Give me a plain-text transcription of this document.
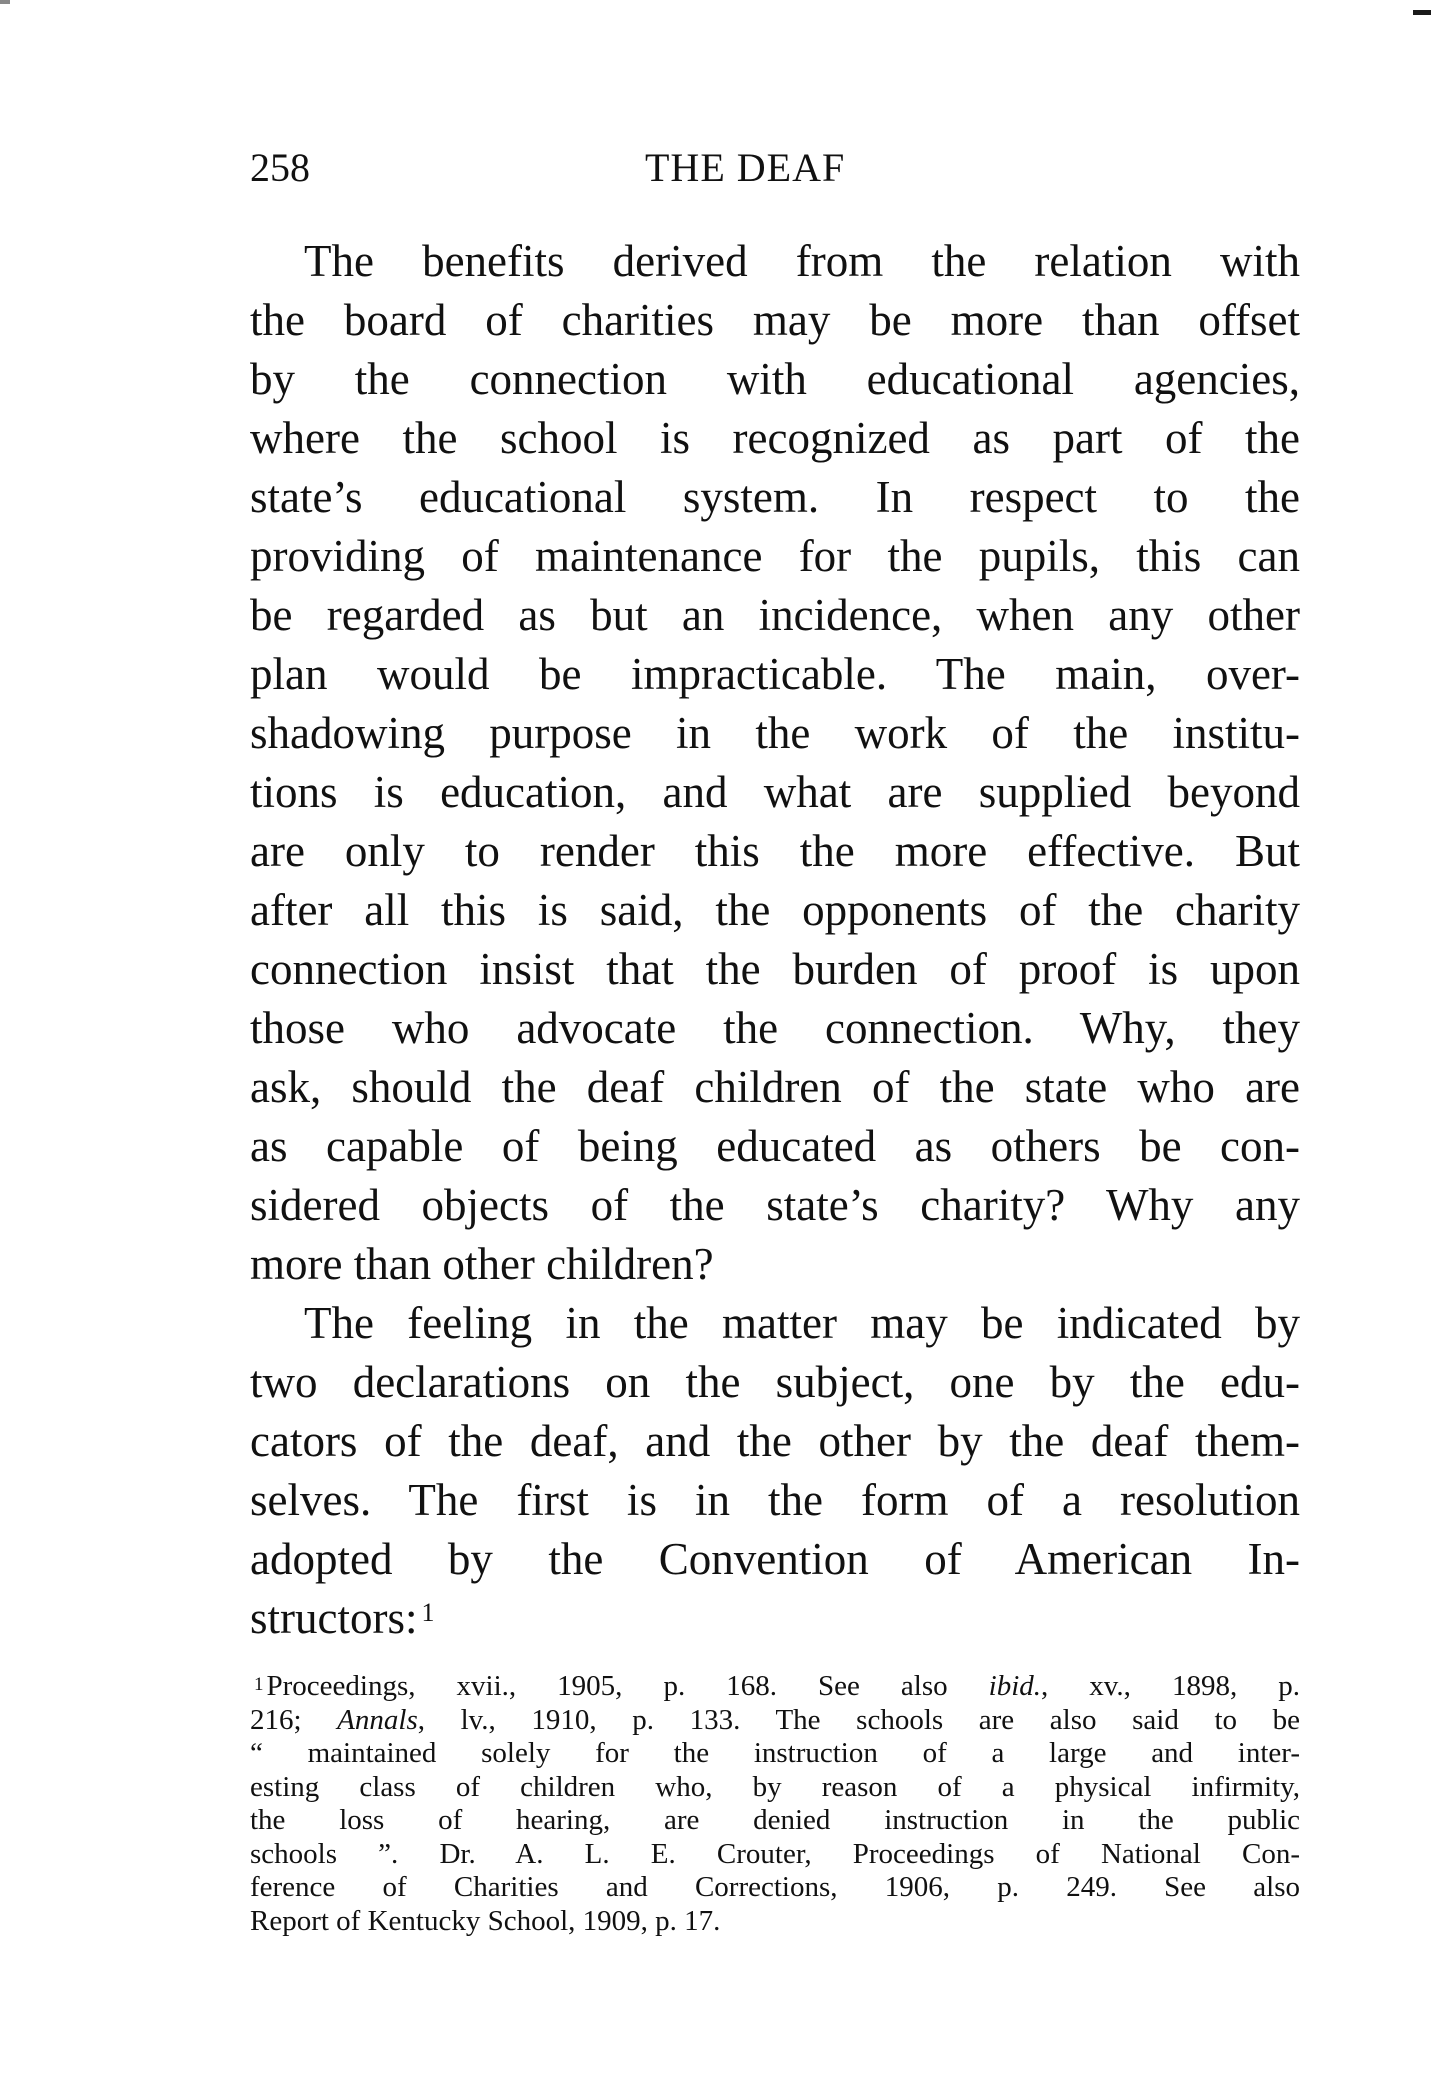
258	THE DEAF
The benefits derived from the relation with
the board of charities may be more than offset
by the connection with educational agencies,
where the school is recognized as part of the
state’s educational system. In respect to the
providing of maintenance for the pupils, this can
be regarded as but an incidence, when any other
plan would be impracticable. The main, over-
shadowing purpose in the work of the institu-
tions is education, and what are supplied beyond
are only to render this the more effective. But
after all this is said, the opponents of the charity
connection insist that the burden of proof is upon
those who advocate the connection. Why, they
ask, should the deaf children of the state who are
as capable of being educated as others be con-
sidered objects of the state’s charity? Why any
more than other children?
The feeling in the matter may be indicated by
two declarations on the subject, one by the edu-
cators of the deaf, and the other by the deaf them-
selves. The first is in the form of a resolution
adopted by the Convention of American In-
structors: $^1$
$^1$ Proceedings, xvii., 1905, p. 168. See also ibid., xv., 1898, p.
216; Annals, lv., 1910, p. 133. The schools are also said to be
“ maintained solely for the instruction of a large and inter-
esting class of children who, by reason of a physical infirmity,
the loss of hearing, are denied instruction in the public
schools ”. Dr. A. L. E. Crouter, Proceedings of National Con-
ference of Charities and Corrections, 1906, p. 249. See also
Report of Kentucky School, 1909, p. 17.
